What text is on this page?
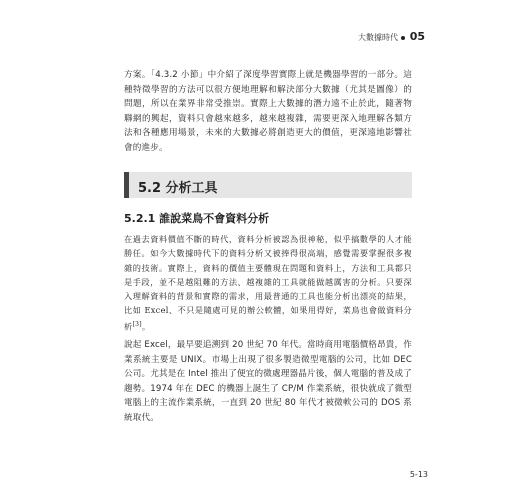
大數據時代 05
方案。「4.3.2 小節」中介紹了深度學習實際上就是機器學習的一部分。這種特徵學習的方法可以很方便地理解和解決部分大數據（尤其是圖像）的問題，所以在業界非常受推崇。實際上大數據的潛力遠不止於此，隨著物聯網的興起，資料只會越來越多，越來越複雜，需要更深入地理解各類方法和各種應用場景，未來的大數據必將創造更大的價值，更深遠地影響社會的進步。
5.2 分析工具
5.2.1 誰說菜鳥不會資料分析
在過去資料價值不斷的時代，資料分析被認為很神秘，似乎搞數學的人才能勝任。如今大數據時代下的資料分析又被捧得很高端，感覺需要掌握很多複雜的技術。實際上，資料的價值主要體現在問題和資料上，方法和工具都只是手段，並不是越阻難的方法、越複雜的工具就能做越厲害的分析。只要深入理解資料的背景和實際的需求，用最普通的工具也能分析出漂亮的結果，比如 Excel、不只是隨處可見的辦公軟體，如果用得好，菜鳥也會做資料分析[3]。
說起 Excel，最早要追溯到 20 世紀 70 年代。當時商用電腦價格昂貴，作業系統主要是 UNIX。市場上出現了很多製造微型電腦的公司，比如 DEC 公司。尤其是在 Intel 推出了便宜的微處理器晶片後，個人電腦的普及成了趨勢。1974 年在 DEC 的機器上誕生了 CP/M 作業系統，很快就成了微型電腦上的主流作業系統，一直到 20 世紀 80 年代才被微軟公司的 DOS 系統取代。
5-13
